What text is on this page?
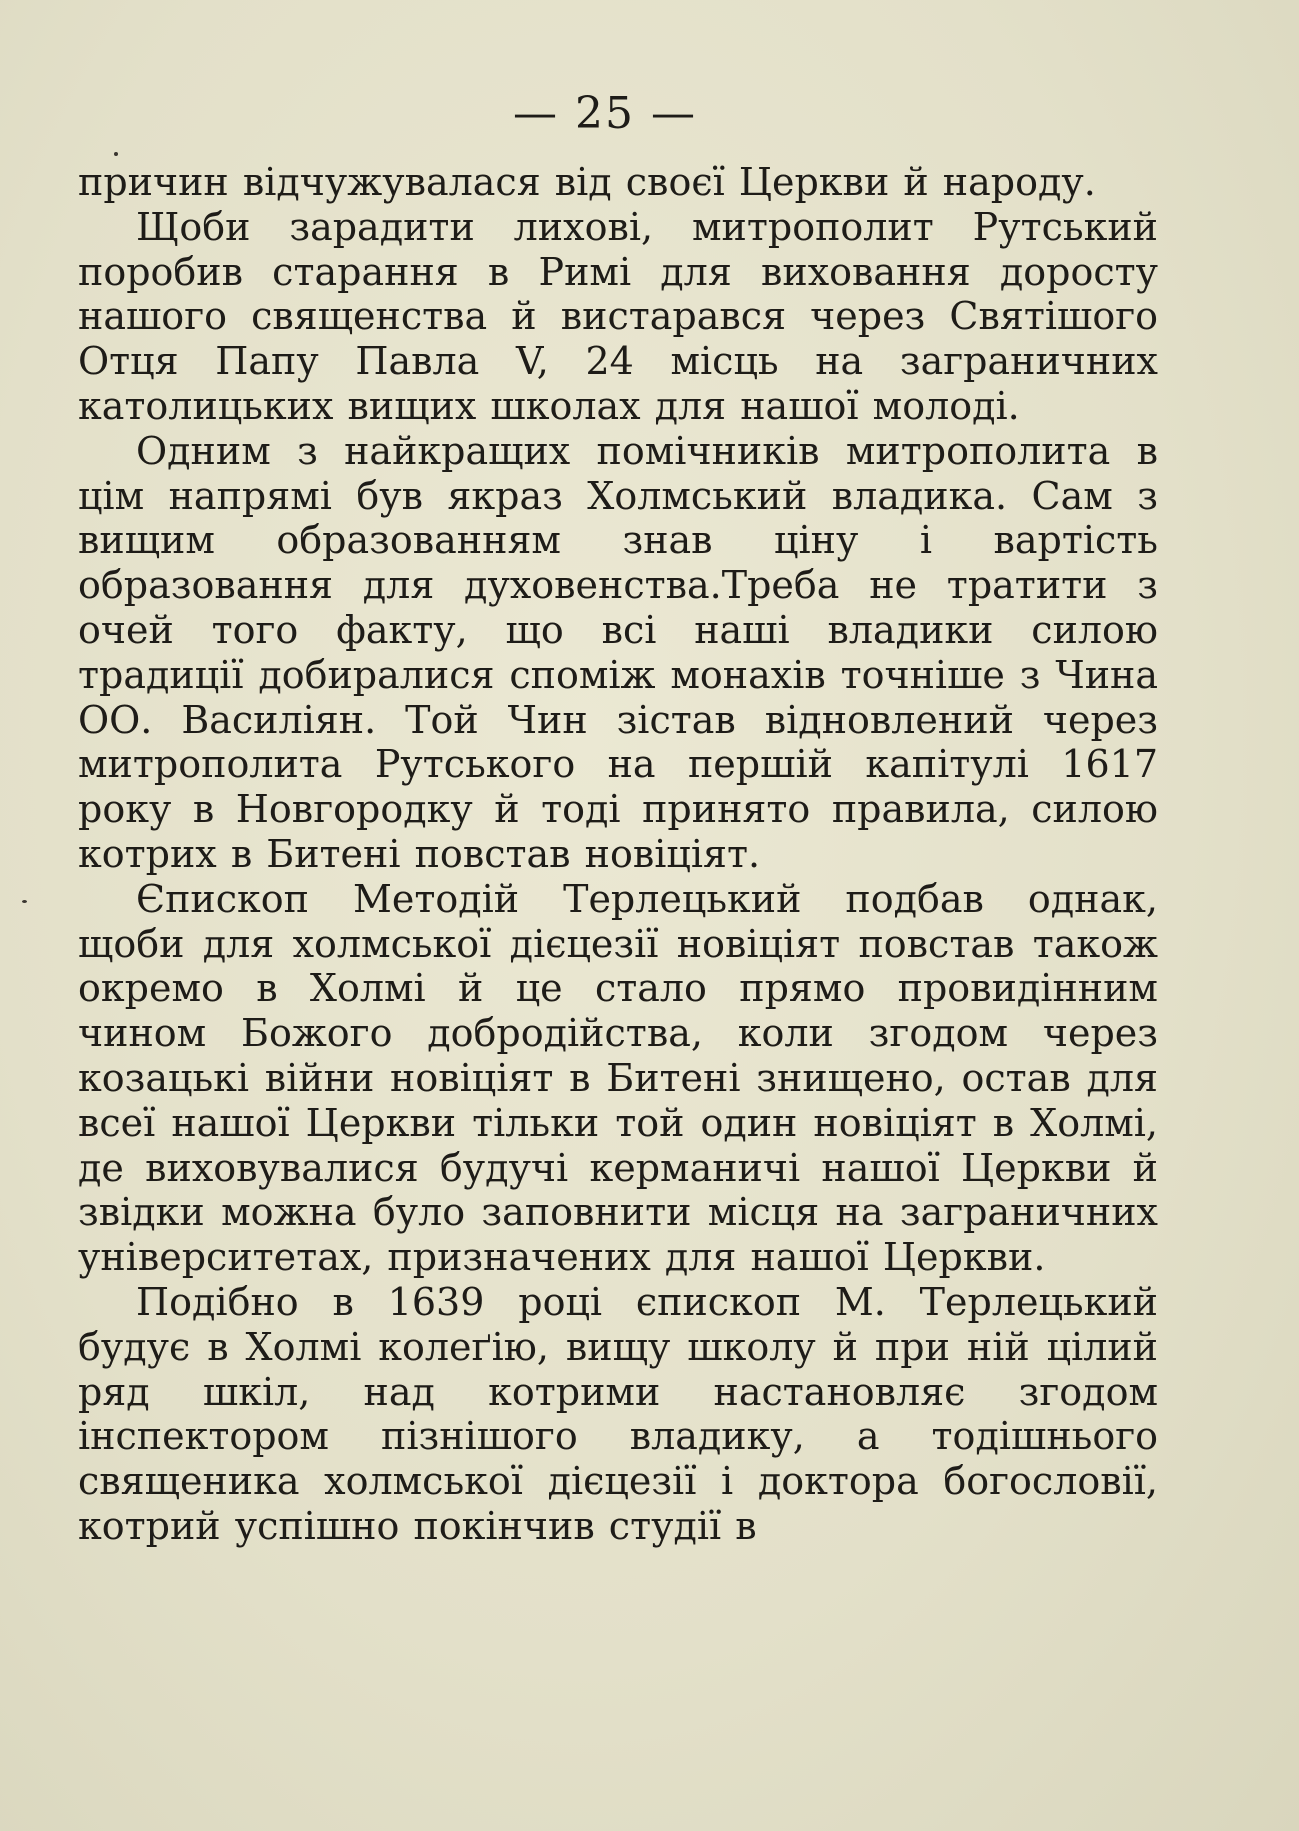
— 25 —

причин відчужувалася від своєї Церкви й народу.

Щоби зарадити лихові, митрополит Рутський поробив старання в Римі для виховання доросту нашого священства й вистарався через Святішого Отця Папу Павла V, 24 місць на заграничних католицьких вищих школах для нашої молоді.

Одним з найкращих помічників митрополита в цім напрямі був якраз Холмський владика. Сам з вищим образованням знав ціну і вартість образовання для духовенства.Треба не тратити з очей того факту, що всі наші владики силою традиції добиралися споміж монахів точніше з Чина ОО. Василіян. Той Чин зістав відновлений через митрополита Рутського на першій капітулі 1617 року в Новгородку й тоді принято правила, силою котрих в Битені повстав новіціят.

Єпископ Методій Терлецький подбав однак, щоби для холмської дієцезії новіціят повстав також окремо в Холмі й це стало прямо провидінним чином Божого добродійства, коли згодом через козацькі війни новіціят в Битені знищено, остав для всеї нашої Церкви тільки той один новіціят в Холмі, де виховувалися будучі керманичі нашої Церкви й звідки можна було заповнити місця на заграничних університетах, призначених для нашої Церкви.

Подібно в 1639 році єпископ М. Терлецький будує в Холмі колеґію, вищу школу й при ній цілий ряд шкіл, над котрими настановляє згодом інспектором пізнішого владику, а тодішнього священика холмської дієцезії і доктора богословії, котрий успішно покінчив студії в
